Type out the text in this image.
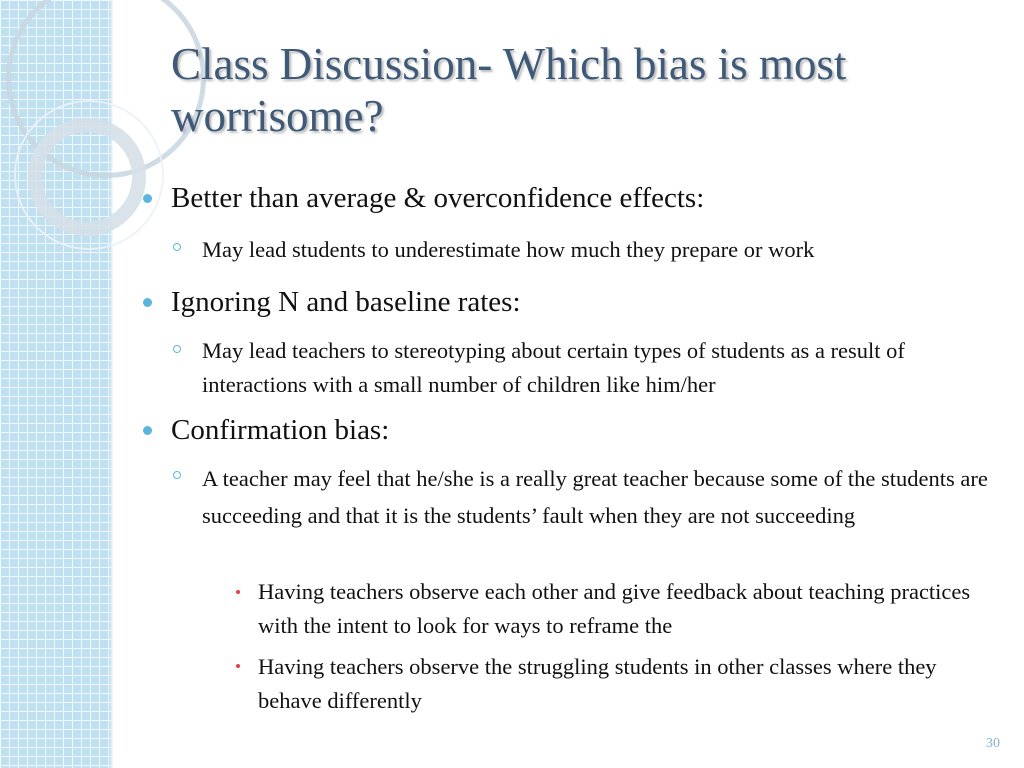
Class Discussion- Which bias is most worrisome?
Better than average & overconfidence effects:
May lead students to underestimate how much they prepare or work
Ignoring N and baseline rates:
May lead teachers to stereotyping about certain types of students as a result of interactions with a small number of children like him/her
Confirmation bias:
A teacher may feel that he/she is a really great teacher because some of the students are succeeding and that it is the students’ fault when they are not succeeding
Having teachers observe each other and give feedback about teaching practices with the intent to look for ways to reframe the
Having teachers observe the struggling students in other classes where they behave differently
30
